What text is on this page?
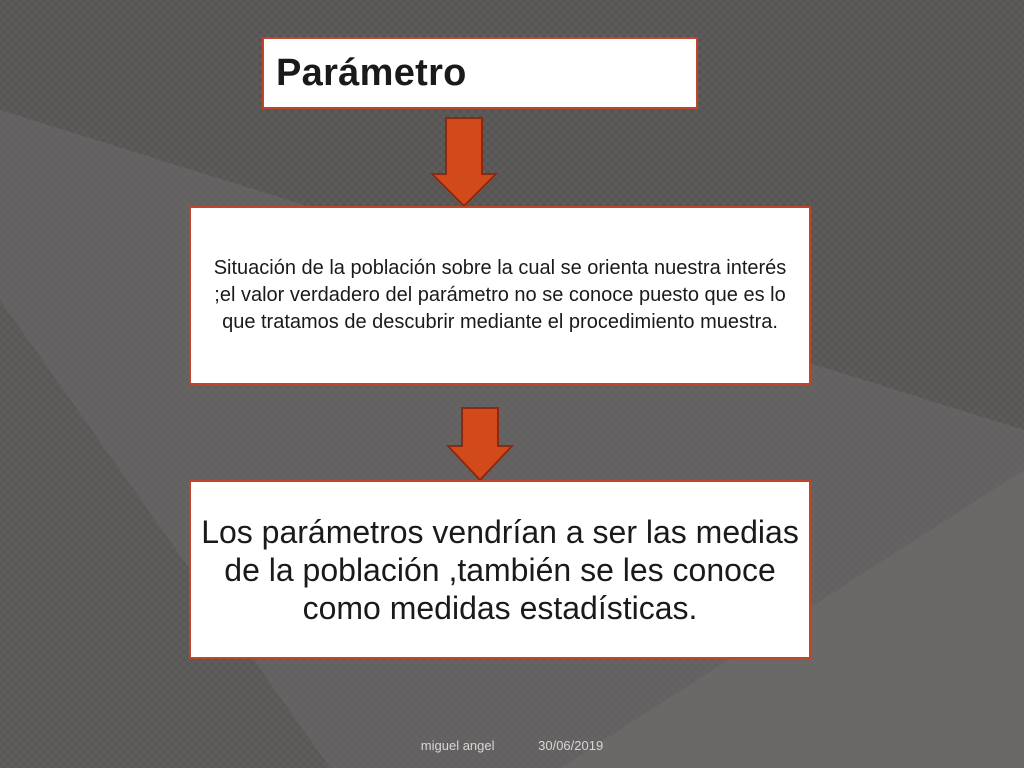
Parámetro
Situación de la población sobre la cual se orienta nuestra interés ;el valor verdadero del parámetro no se conoce puesto que es lo que tratamos de descubrir mediante el procedimiento muestra.
Los parámetros vendrían a ser las medias de la población ,también se les conoce como medidas estadísticas.
miguel angel	30/06/2019
